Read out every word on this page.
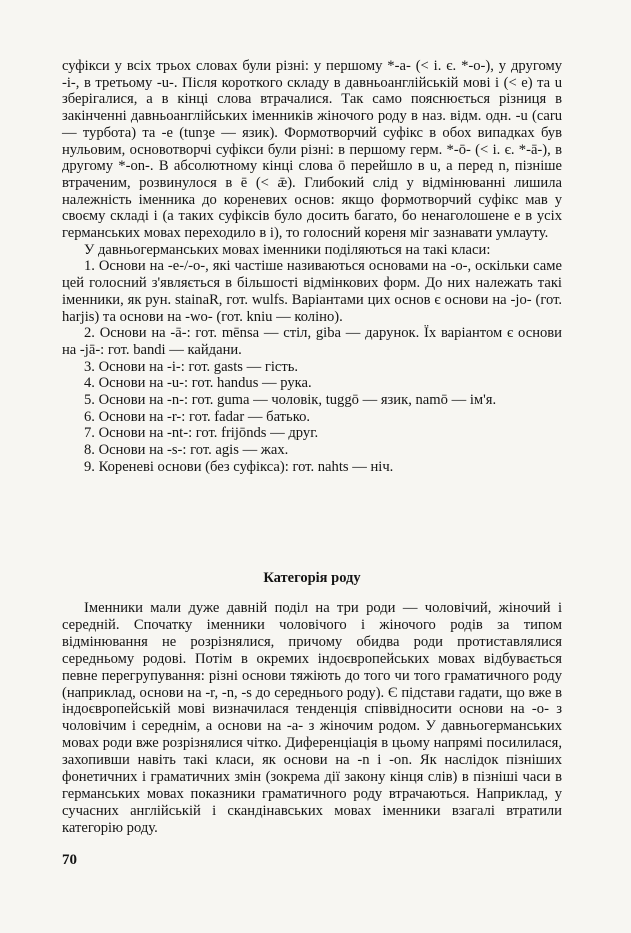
суфікси у всіх трьох словах були різні: у першому *-а- (< і. є. *-о-), у другому -і-, в третьому -u-. Після короткого складу в давньоанглійській мові і (< е) та u зберігалися, а в кінці слова втрачалися. Так само пояснюється різниця в закінченні давньоанглійських іменників жіночого роду в наз. відм. одн. -u (caru — турбота) та -е (tunȝe — язик). Формотворчий суфікс в обох випадках був нульовим, основотворчі суфікси були різні: в першому герм. *-ō- (< і. є. *-ā-), в другому *-on-. В абсолютному кінці слова ō перейшло в u, а перед n, пізніше втраченим, розвинулося в ē (< ǣ). Глибокий слід у відмінюванні лишила належність іменника до кореневих основ: якщо формотворчий суфікс мав у своєму складі і (а таких суфіксів було досить багато, бо ненаголошене е в усіх германських мовах переходило в і), то голосний кореня міг зазнавати умлауту.

У давньогерманських мовах іменники поділяються на такі класи:

1. Основи на -е-/-о-, які частіше називаються основами на -о-, оскільки саме цей голосний з'являється в більшості відмінкових форм. До них належать такі іменники, як рун. stainaR, гот. wulfs. Варіантами цих основ є основи на -jo- (гот. harjis) та основи на -wo- (гот. kniu — коліно).

2. Основи на -ā-: гот. mēnsa — стіл, giba — дарунок. Їх варіантом є основи на -jā-: гот. bandi — кайдани.

3. Основи на -і-: гот. gasts — гість.

4. Основи на -u-: гот. handus — рука.

5. Основи на -n-: гот. guma — чоловік, tuggō — язик, namō — ім'я.

6. Основи на -r-: гот. fadar — батько.

7. Основи на -nt-: гот. frijōnds — друг.

8. Основи на -s-: гот. agis — жах.

9. Кореневі основи (без суфікса): гот. nahts — ніч.

Категорія роду

Іменники мали дуже давній поділ на три роди — чоловічий, жіночий і середній. Спочатку іменники чоловічого і жіночого родів за типом відмінювання не розрізнялися, причому обидва роди протиставлялися середньому родові. Потім в окремих індоєвропейських мовах відбувається певне перегрупування: різні основи тяжіють до того чи того граматичного роду (наприклад, основи на -r, -n, -s до середнього роду). Є підстави гадати, що вже в індоєвропейській мові визначилася тенденція співвідносити основи на -о- з чоловічим і середнім, а основи на -а- з жіночим родом. У давньогерманських мовах роди вже розрізнялися чітко. Диференціація в цьому напрямі посилилася, захопивши навіть такі класи, як основи на -n і -on. Як наслідок пізніших фонетичних і граматичних змін (зокрема дії закону кінця слів) в пізніші часи в германських мовах показники граматичного роду втрачаються. Наприклад, у сучасних англійській і скандінавських мовах іменники взагалі втратили категорію роду.

70
